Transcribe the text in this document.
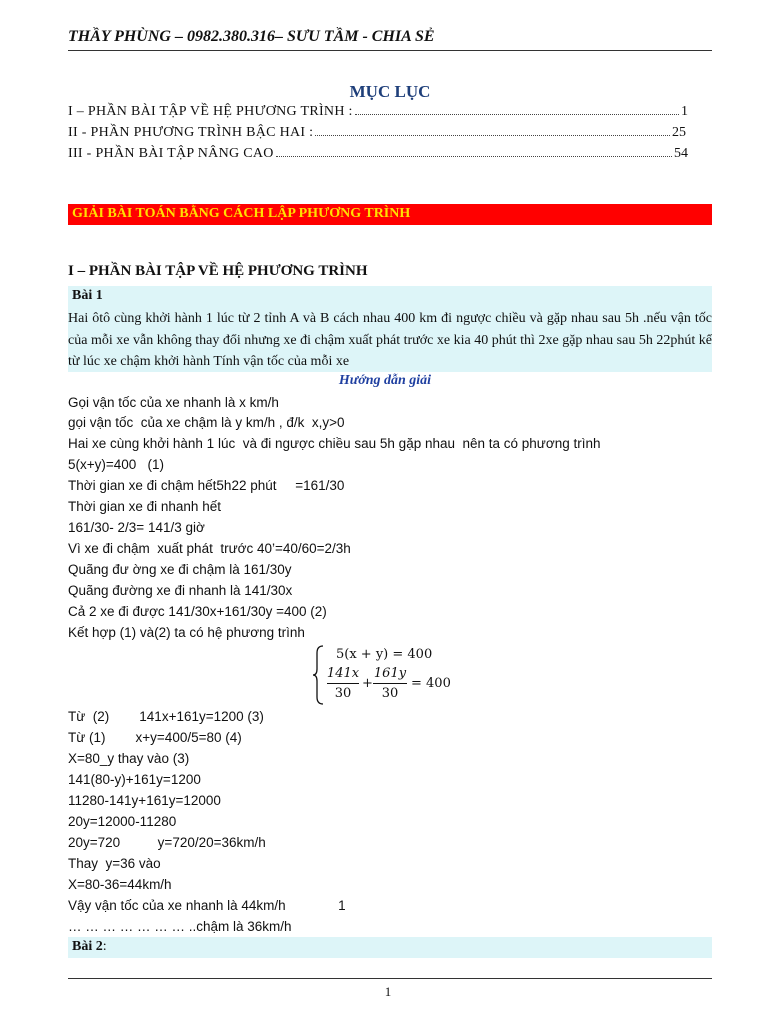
THẦY PHÙNG – 0982.380.316– SƯU TẦM - CHIA SẺ
MỤC LỤC
I – PHẦN BÀI TẬP VỀ HỆ PHƯƠNG TRÌNH :	1
II - PHẦN PHƯƠNG TRÌNH BẬC HAI :	25
III - PHẦN BÀI TẬP NÂNG CAO	54
GIẢI BÀI TOÁN BẰNG CÁCH LẬP PHƯƠNG TRÌNH
I – PHẦN BÀI TẬP VỀ HỆ PHƯƠNG TRÌNH
Bài 1
Hai ôtô cùng khởi hành 1 lúc từ 2 tỉnh A và B cách nhau 400 km đi ngược chiều và gặp nhau sau 5h .nếu vận tốc của mỗi xe vẫn không thay đổi nhưng xe đi chậm xuất phát trước xe kia 40 phút thì 2xe gặp nhau sau 5h 22phút kể từ lúc xe chậm khởi hành Tính vận tốc của mỗi xe
Hướng dẫn giải
Gọi vận tốc của xe nhanh là x km/h
gọi vận tốc  của xe chậm là y km/h , đ/k  x,y>0
Hai xe cùng khởi hành 1 lúc  và đi ngược chiều sau 5h gặp nhau  nên ta có phương trình
5(x+y)=400   (1)
Thời gian xe đi chậm hết5h22 phút     =161/30
Thời gian xe đi nhanh hết
161/30- 2/3= 141/3 giờ
Vì xe đi chậm  xuất phát  trước 40’=40/60=2/3h
Quãng đư ờng xe đi chậm là 161/30y
Quãng đường xe đi nhanh là 141/30x
Cả 2 xe đi được 141/30x+161/30y =400 (2)
Kết hợp (1) và(2) ta có hệ phương trình
5(x + y) = 400
141x
30
+
161y
30
= 400
Từ  (2)        141x+161y=1200 (3)
Từ (1)        x+y=400/5=80 (4)
X=80_y thay vào (3)
141(80-y)+161y=1200
11280-141y+161y=12000
20y=12000-11280
20y=720          y=720/20=36km/h
Thay  y=36 vào
X=80-36=44km/h
Vậy vận tốc của xe nhanh là 44km/h              1
… … … … … … … ..chậm là 36km/h
Bài 2:
1
